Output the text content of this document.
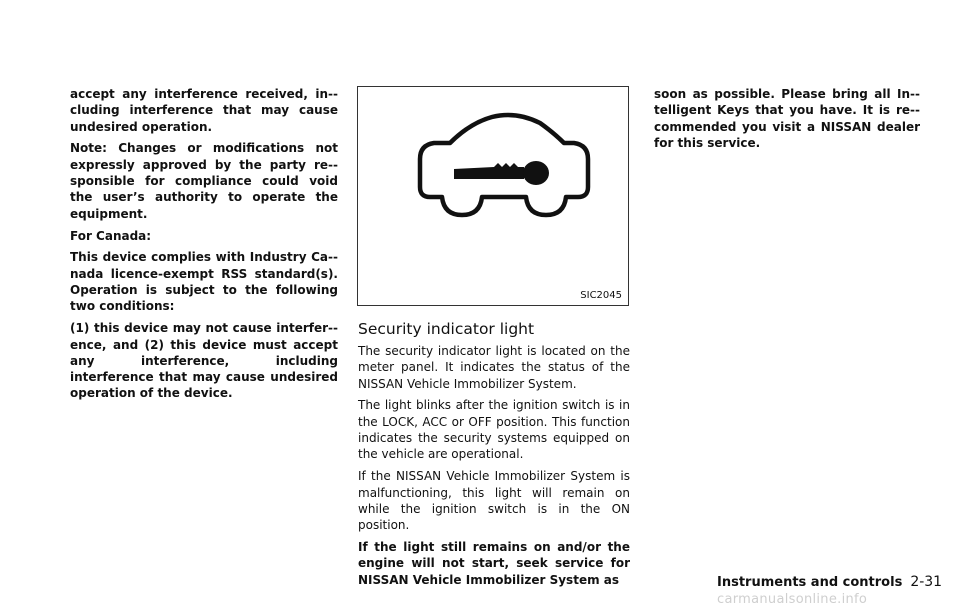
accept any interference received, in-cluding interference that may cause undesired operation.

Note: Changes or modifications not expressly approved by the party re-sponsible for compliance could void the user’s authority to operate the equipment.

For Canada:

This device complies with Industry Ca-nada licence-exempt RSS standard(s). Operation is subject to the following two conditions:

(1) this device may not cause interfer-ence, and (2) this device must accept any interference, including interference that may cause undesired operation of the device.

SIC2045
Security indicator light

The security indicator light is located on the meter panel. It indicates the status of the NISSAN Vehicle Immobilizer System.

The light blinks after the ignition switch is in the LOCK, ACC or OFF position. This function indicates the security systems equipped on the vehicle are operational.

If the NISSAN Vehicle Immobilizer System is malfunctioning, this light will remain on while the ignition switch is in the ON position.

If the light still remains on and/or the engine will not start, seek service for NISSAN Vehicle Immobilizer System as

soon as possible. Please bring all In-telligent Keys that you have. It is re-commended you visit a NISSAN dealer for this service.

Instruments and controls 2-31
carmanualsonline.info
